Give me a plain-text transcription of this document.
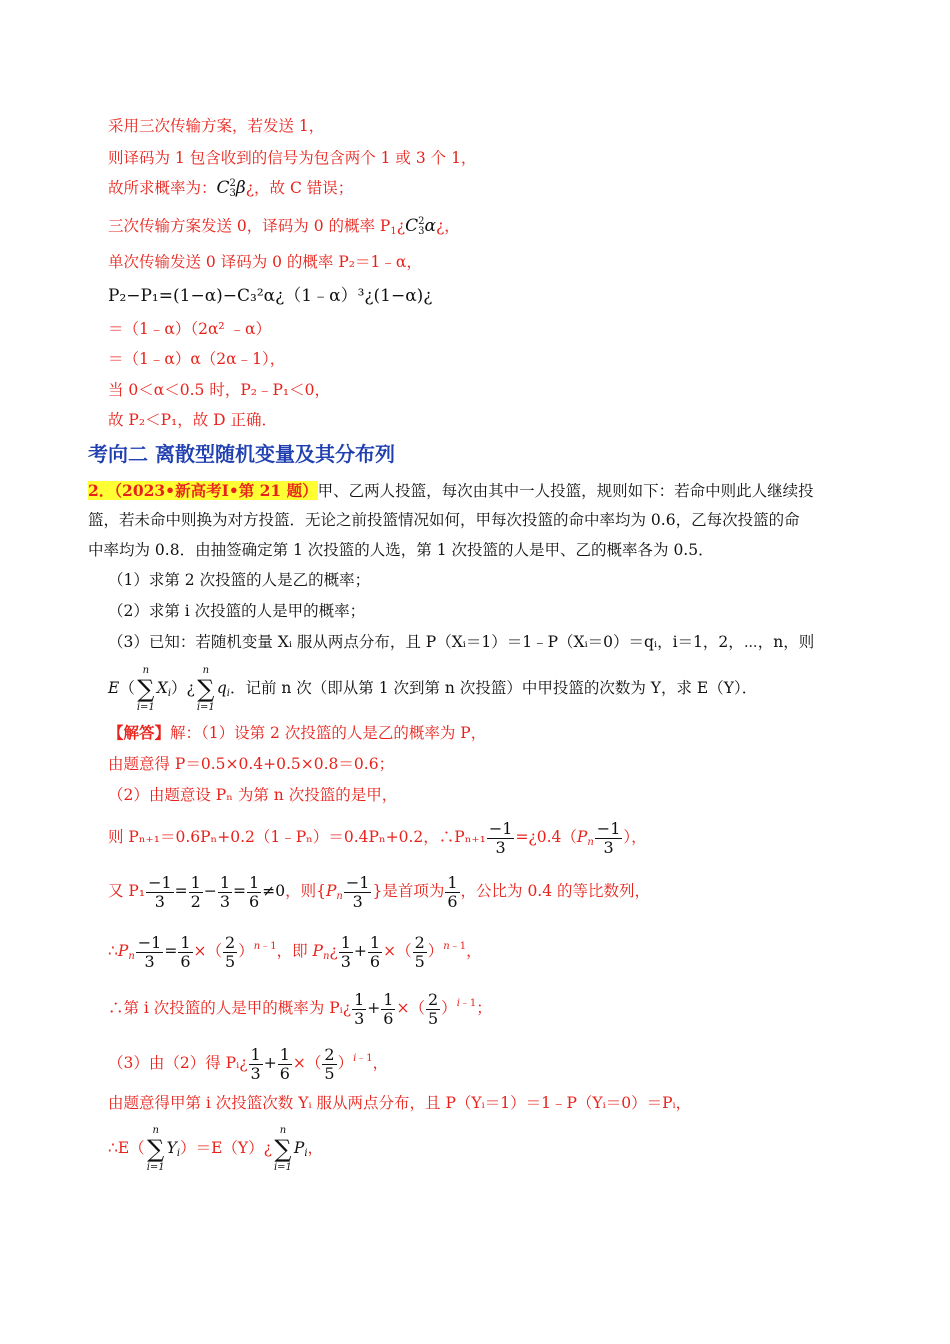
采用三次传输方案，若发送 1，
则译码为 1 包含收到的信号为包含两个 1 或 3 个 1，
故所求概率为：C 2
3 β¿，故 C 错误；
三次传输方案发送 0，译码为 0 的概率 $P_1¿C$ 2
3 α¿，
单次传输发送 0 译码为 0 的概率 P₂＝1﹣α，
P₂−P₁=(1−α)−C₃²α¿（1﹣α）³¿(1−α)¿
＝（1﹣α）（2α² ﹣α）
＝（1﹣α）α（2α﹣1），
当 0＜α＜0.5 时，P₂﹣P₁＜0，
故 P₂＜P₁，故 D 正确．
考向二 离散型随机变量及其分布列
2．（2023•新高考Ⅰ•第 21 题）甲、乙两人投篮，每次由其中一人投篮，规则如下：若命中则此人继续投
篮，若未命中则换为对方投篮．无论之前投篮情况如何，甲每次投篮的命中率均为 0.6，乙每次投篮的命
中率均为 0.8．由抽签确定第 1 次投篮的人选，第 1 次投篮的人是甲、乙的概率各为 0.5．
（1）求第 2 次投篮的人是乙的概率；
（2）求第 i 次投篮的人是甲的概率；
（3）已知：若随机变量 Xᵢ 服从两点分布，且 P（Xᵢ＝1）＝1﹣P（Xᵢ＝0）＝qᵢ，i＝1，2，⋯，n，则
E（
n
∑
i=1
$X_i)¿$
n
∑
i=1
$q_i$．记前 n 次（即从第 1 次到第 n 次投篮）中甲投篮的次数为 Y，求 E（Y）．
【解答】解：（1）设第 2 次投篮的人是乙的概率为 P，
由题意得 P＝0.5×0.4+0.5×0.8＝0.6；
（2）由题意设 Pₙ 为第 n 次投篮的是甲，
则 Pₙ₊₁＝0.6Pₙ+0.2（1﹣Pₙ）＝0.4Pₙ+0.2，∴Pₙ₊₁ $\frac{-1}{3}$ $=¿0.4(P_n \frac{-1}{3}$ ），
又 $P_1 \frac{-1}{3} = \frac{1}{2} - \frac{1}{3} = \frac{1}{6} \ne 0$，则{$P_n \frac{-1}{3}$ }是首项为 $\frac{1}{6}$ ，公比为 0.4 的等比数列，
$\therefore P_n \frac{-1}{3} = \frac{1}{6}$ ×（ $\frac{2}{5} )^{n﹣1}$，即 $P_n¿ \frac{1}{3} + \frac{1}{6}$ ×（ $\frac{2}{5} )^{n﹣1}$，
∴第 i 次投篮的人是甲的概率为 Pᵢ¿ $\frac{1}{3} + \frac{1}{6}$ ×（ $\frac{2}{5} )^{i﹣1}$；
（3）由（2）得 Pᵢ¿ $\frac{1}{3} + \frac{1}{6}$ ×（ $\frac{2}{5} )^{i﹣1}$，
由题意得甲第 i 次投篮次数 Yᵢ 服从两点分布，且 P（Yᵢ＝1）＝1﹣P（Yᵢ＝0）＝Pᵢ，
∴E（
n
∑
i=1
$Y_i)=E(Y)¿$
n
∑
i=1
$P_i$，
